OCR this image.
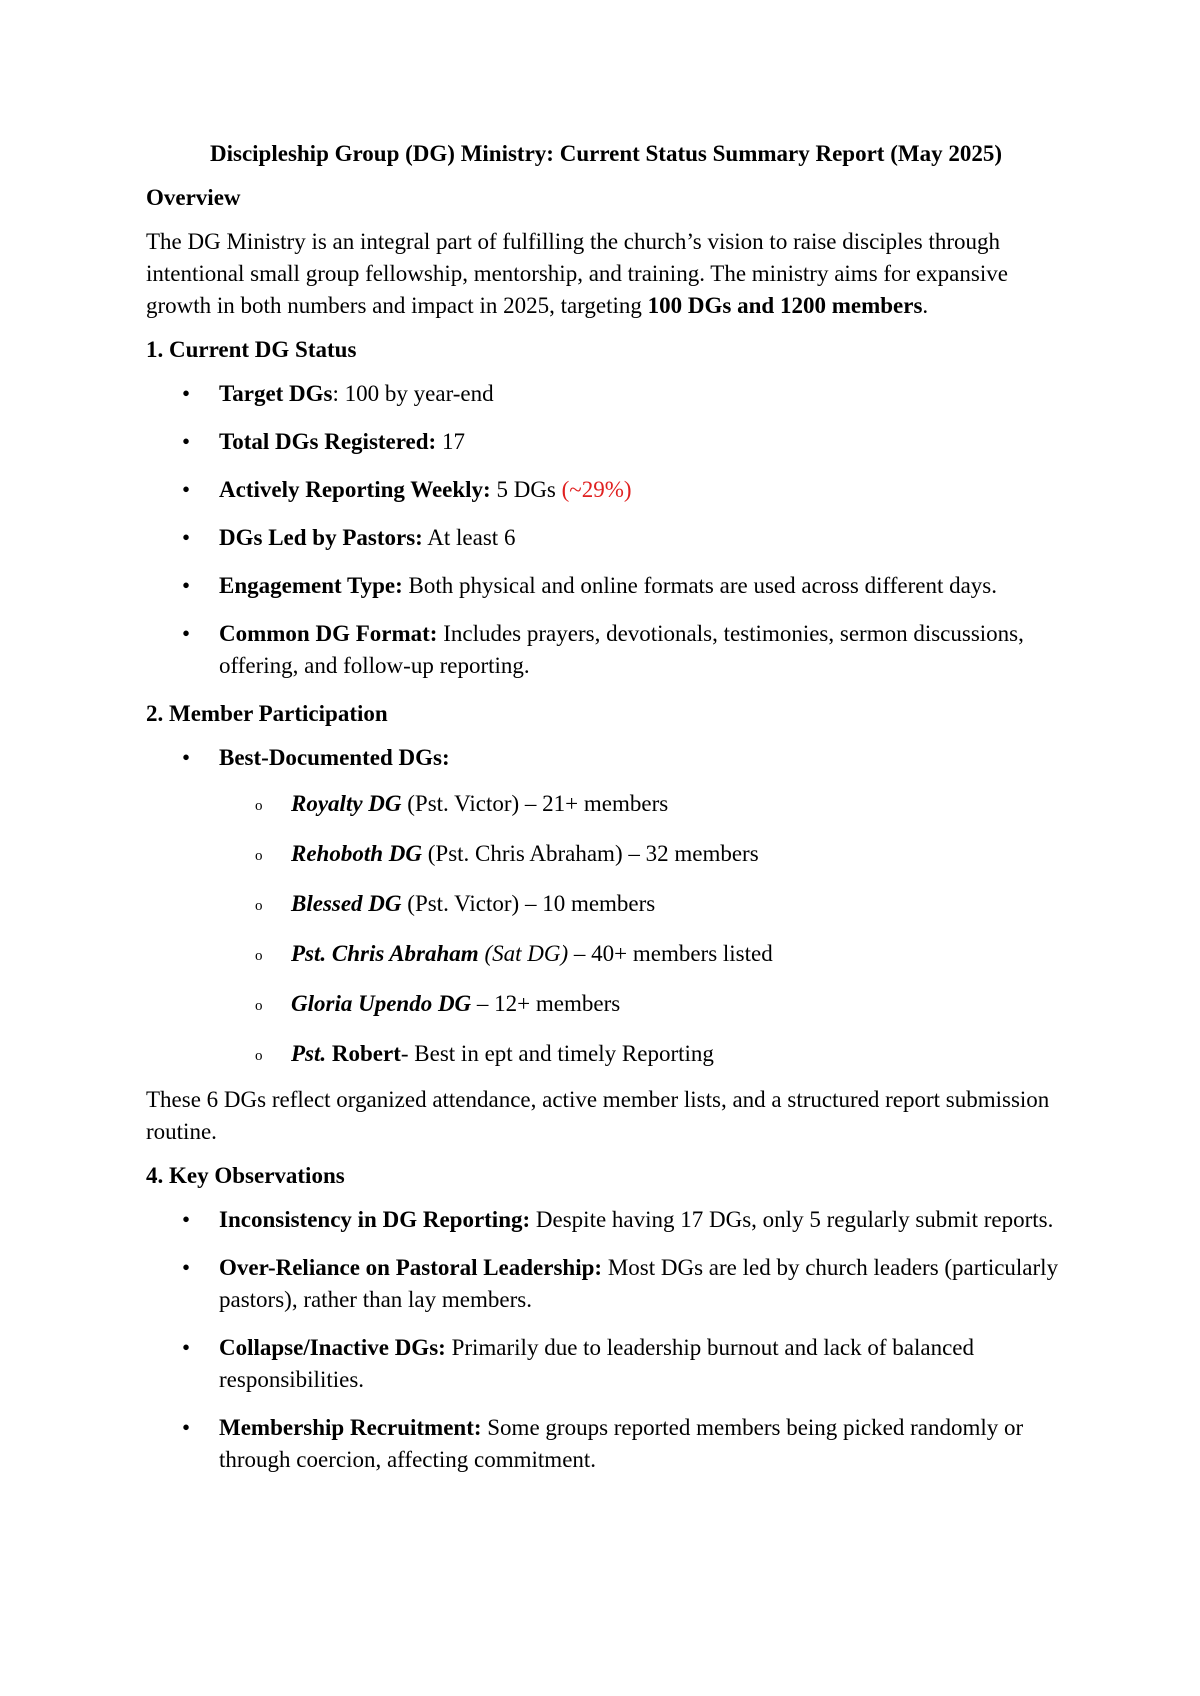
Discipleship Group (DG) Ministry: Current Status Summary Report (May 2025)
Overview

The DG Ministry is an integral part of fulfilling the church’s vision to raise disciples through intentional small group fellowship, mentorship, and training. The ministry aims for expansive growth in both numbers and impact in 2025, targeting 100 DGs and 1200 members.

1. Current DG Status
• Target DGs: 100 by year-end
• Total DGs Registered: 17
• Actively Reporting Weekly: 5 DGs (~29%)
• DGs Led by Pastors: At least 6
• Engagement Type: Both physical and online formats are used across different days.
• Common DG Format: Includes prayers, devotionals, testimonies, sermon discussions, offering, and follow-up reporting.
2. Member Participation
• Best-Documented DGs:
o Royalty DG (Pst. Victor) – 21+ members
o Rehoboth DG (Pst. Chris Abraham) – 32 members
o Blessed DG (Pst. Victor) – 10 members
o Pst. Chris Abraham (Sat DG) – 40+ members listed
o Gloria Upendo DG – 12+ members
o Pst. Robert- Best in ept and timely Reporting

These 6 DGs reflect organized attendance, active member lists, and a structured report submission routine.

4. Key Observations
• Inconsistency in DG Reporting: Despite having 17 DGs, only 5 regularly submit reports.
• Over-Reliance on Pastoral Leadership: Most DGs are led by church leaders (particularly pastors), rather than lay members.
• Collapse/Inactive DGs: Primarily due to leadership burnout and lack of balanced responsibilities.
• Membership Recruitment: Some groups reported members being picked randomly or through coercion, affecting commitment.
